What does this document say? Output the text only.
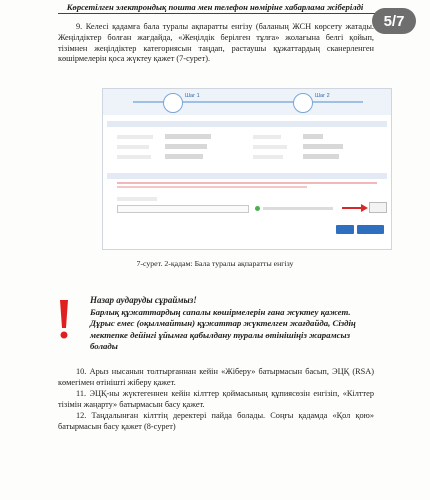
Көрсетілген электрондық пошта мен телефон нөміріне хабарлама жіберілді
5/7
9. Келесі қадамға бала туралы ақпаратты енгізу (баланың ЖСН көрсету жатады. Жеңілдіктер болған жағдайда, «Жеңілдік берілген тұлға» жолағына белгі қойып, тізімнен жеңілдіктер категориясын таңдап, растаушы құжаттардың сканерленген көшірмелерін қоса жүктеу қажет (7-сурет).
Шаг 1	Шаг 2
7-сурет. 2-қадам: Бала туралы ақпаратты енгізу
Назар аударуды сұраймыз!
Барлық құжаттардың сапалы көшірмелерін ғана жүктеу қажет. Дұрыс емес (оқылмайтын) құжаттар жүктелген жағдайда, Сіздің мектепке дейінгі ұйымға қабылдану туралы өтінішіңіз жарамсыз болады
10. Арыз нысанын толтырғаннан кейін «Жіберу» батырмасын басып, ЭЦҚ (RSA) көмегімен өтінішті жіберу қажет.
11. ЭЦҚ-ны жүктегеннен кейін кілттер қоймасының құпиясөзін енгізіп, «Кілттер тізімін жаңарту» батырмасын басу қажет.
12. Таңдалынған кілттің деректері пайда болады. Соңғы қадамда «Қол қою» батырмасын басу қажет (8-сурет)
